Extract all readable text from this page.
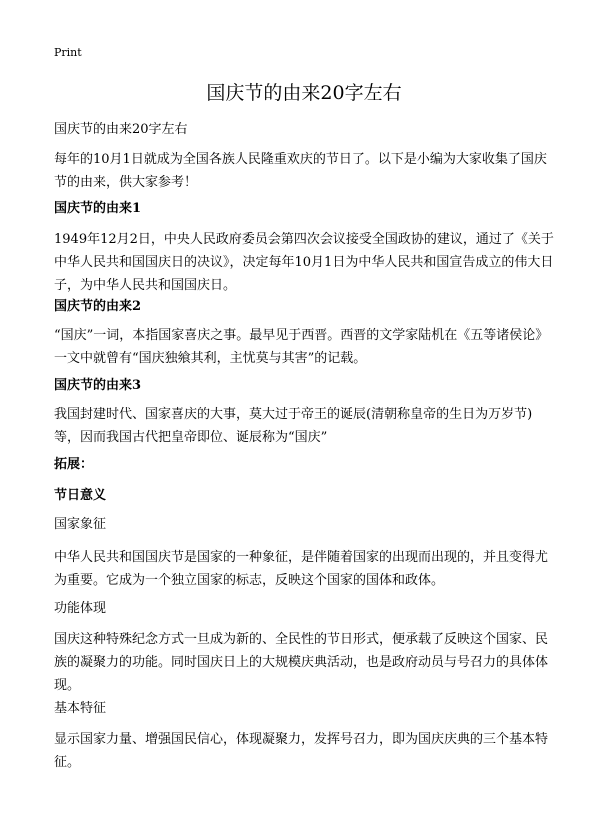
Print
国庆节的由来20字左右
国庆节的由来20字左右
每年的10月1日就成为全国各族人民隆重欢庆的节日了。以下是小编为大家收集了国庆节的由来，供大家参考！
国庆节的由来1
1949年12月2日，中央人民政府委员会第四次会议接受全国政协的建议，通过了《关于中华人民共和国国庆日的决议》，决定每年10月1日为中华人民共和国宣告成立的伟大日子，为中华人民共和国国庆日。
国庆节的由来2
“国庆”一词，本指国家喜庆之事。最早见于西晋。西晋的文学家陆机在《五等诸侯论》一文中就曾有“国庆独飨其利，主忧莫与其害”的记载。
国庆节的由来3
我国封建时代、国家喜庆的大事，莫大过于帝王的诞辰(清朝称皇帝的生日为万岁节)等，因而我国古代把皇帝即位、诞辰称为“国庆”
拓展：
节日意义
国家象征
中华人民共和国国庆节是国家的一种象征，是伴随着国家的出现而出现的，并且变得尤为重要。它成为一个独立国家的标志，反映这个国家的国体和政体。
功能体现
国庆这种特殊纪念方式一旦成为新的、全民性的节日形式，便承载了反映这个国家、民族的凝聚力的功能。同时国庆日上的大规模庆典活动，也是政府动员与号召力的具体体现。
基本特征
显示国家力量、增强国民信心，体现凝聚力，发挥号召力，即为国庆庆典的三个基本特征。
